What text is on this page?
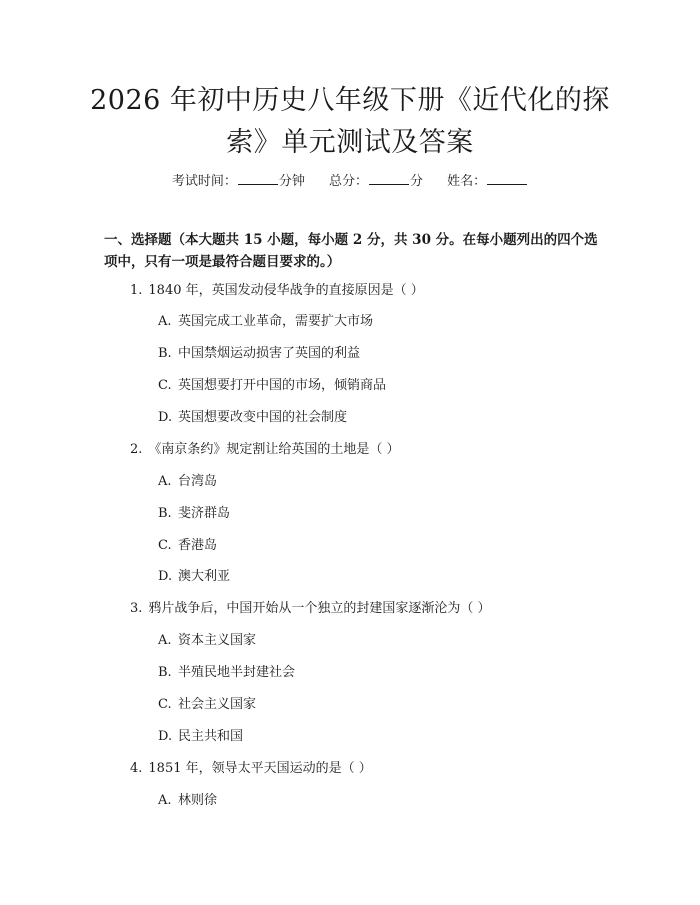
2026 年初中历史八年级下册《近代化的探索》单元测试及答案
考试时间：	分钟 总分：	分 姓名：

一、选择题（本大题共 15 小题，每小题 2 分，共 30 分。在每小题列出的四个选项中，只有一项是最符合题目要求的。）

1. 1840 年，英国发动侵华战争的直接原因是（ ）
A. 英国完成工业革命，需要扩大市场
B. 中国禁烟运动损害了英国的利益
C. 英国想要打开中国的市场，倾销商品
D. 英国想要改变中国的社会制度
2. 《南京条约》规定割让给英国的土地是（ ）
A. 台湾岛
B. 斐济群岛
C. 香港岛
D. 澳大利亚
3. 鸦片战争后，中国开始从一个独立的封建国家逐渐沦为（ ）
A. 资本主义国家
B. 半殖民地半封建社会
C. 社会主义国家
D. 民主共和国
4. 1851 年，领导太平天国运动的是（ ）
A. 林则徐
